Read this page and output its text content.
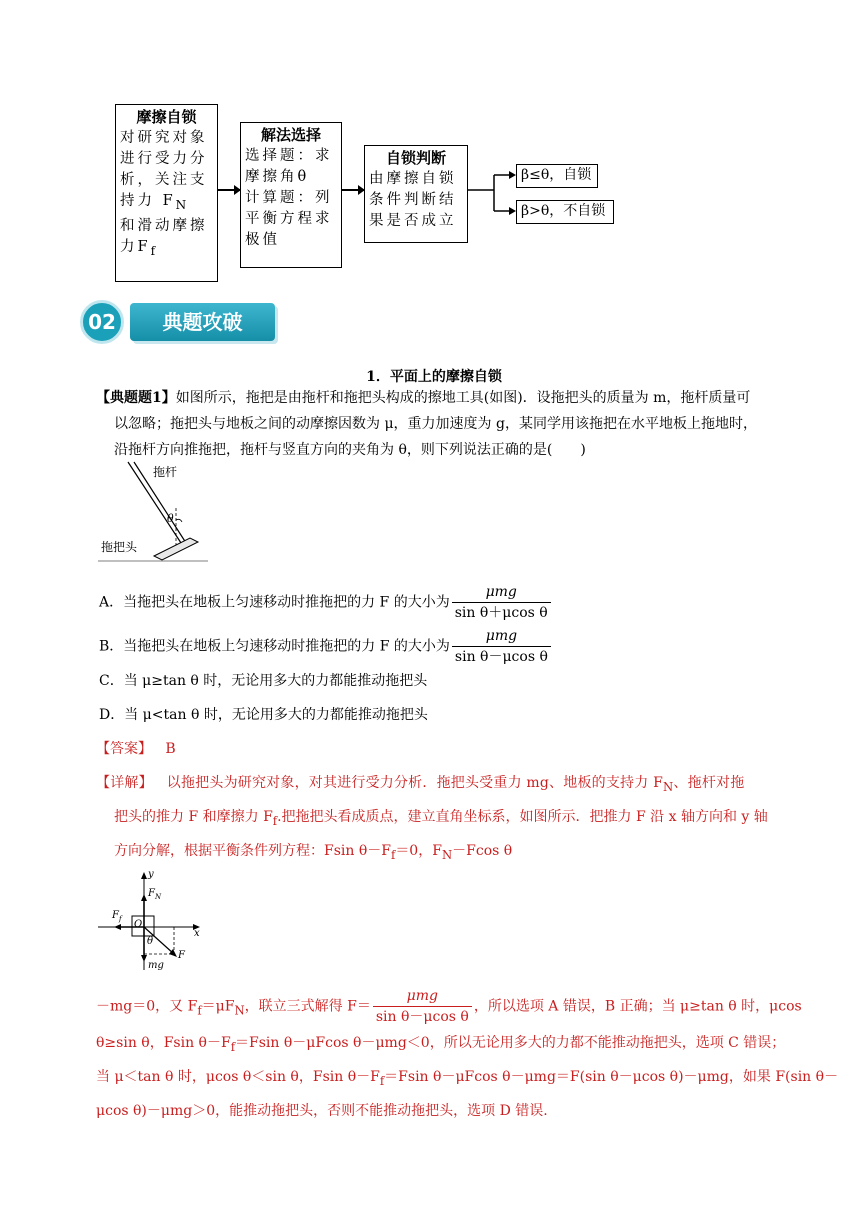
摩擦自锁
对研究对象进行受力分析，关注支持力 $F_N$ 和滑动摩擦力$F_f$
解法选择
选择题：求摩擦角θ
计算题：列平衡方程求极值
自锁判断
由摩擦自锁条件判断结果是否成立
β≤θ，自锁
β>θ，不自锁
02	典题攻破
1．平面上的摩擦自锁
【典题题1】如图所示，拖把是由拖杆和拖把头构成的擦地工具(如图)．设拖把头的质量为 m，拖杆质量可
以忽略；拖把头与地板之间的动摩擦因数为 μ，重力加速度为 g，某同学用该拖把在水平地板上拖地时，
沿拖杆方向推拖把，拖杆与竖直方向的夹角为 θ，则下列说法正确的是(　　)
拖杆
θ
拖把头
A．当拖把头在地板上匀速移动时推拖把的力 F 的大小为 $\frac{\text{μmg}}{\text{sin θ＋μcos θ}}$
B．当拖把头在地板上匀速移动时推拖把的力 F 的大小为 $\frac{\text{μmg}}{\text{sin θ－μcos θ}}$
C．当 μ≥tan θ 时，无论用多大的力都能推动拖把头
D．当 μ<tan θ 时，无论用多大的力都能推动拖把头
【答案】 B
【详解】 以拖把头为研究对象，对其进行受力分析．拖把头受重力 mg、地板的支持力 $F_N$、拖杆对拖
把头的推力 F 和摩擦力 $F_f$.把拖把头看成质点，建立直角坐标系，如图所示．把推力 F 沿 x 轴方向和 y 轴
方向分解，根据平衡条件列方程：Fsin $\theta-F_f=0$，$F_N-Fcos$ θ
y
$F_N$
$F_f$ O
x
θ
F
mg
－mg＝0，又 $F_f=\mu F_N$，联立三式解得 $F= \frac{\text{μmg}}{\text{sin θ－μcos θ}}$ ，所以选项 A 错误，B 正确；当 μ≥tan θ 时，μcos
θ≥sin θ，Fsin $\theta-F_f=Fsin$ θ－μFcos θ－μmg＜0，所以无论用多大的力都不能推动拖把头，选项 C 错误；
当 μ＜tan θ 时，μcos θ＜sin θ，Fsin $\theta-F_f=Fsin$ θ－μFcos θ－μmg＝F(sin θ－μcos θ)－μmg，如果 F(sin θ－
μcos θ)－μmg＞0，能推动拖把头，否则不能推动拖把头，选项 D 错误.
